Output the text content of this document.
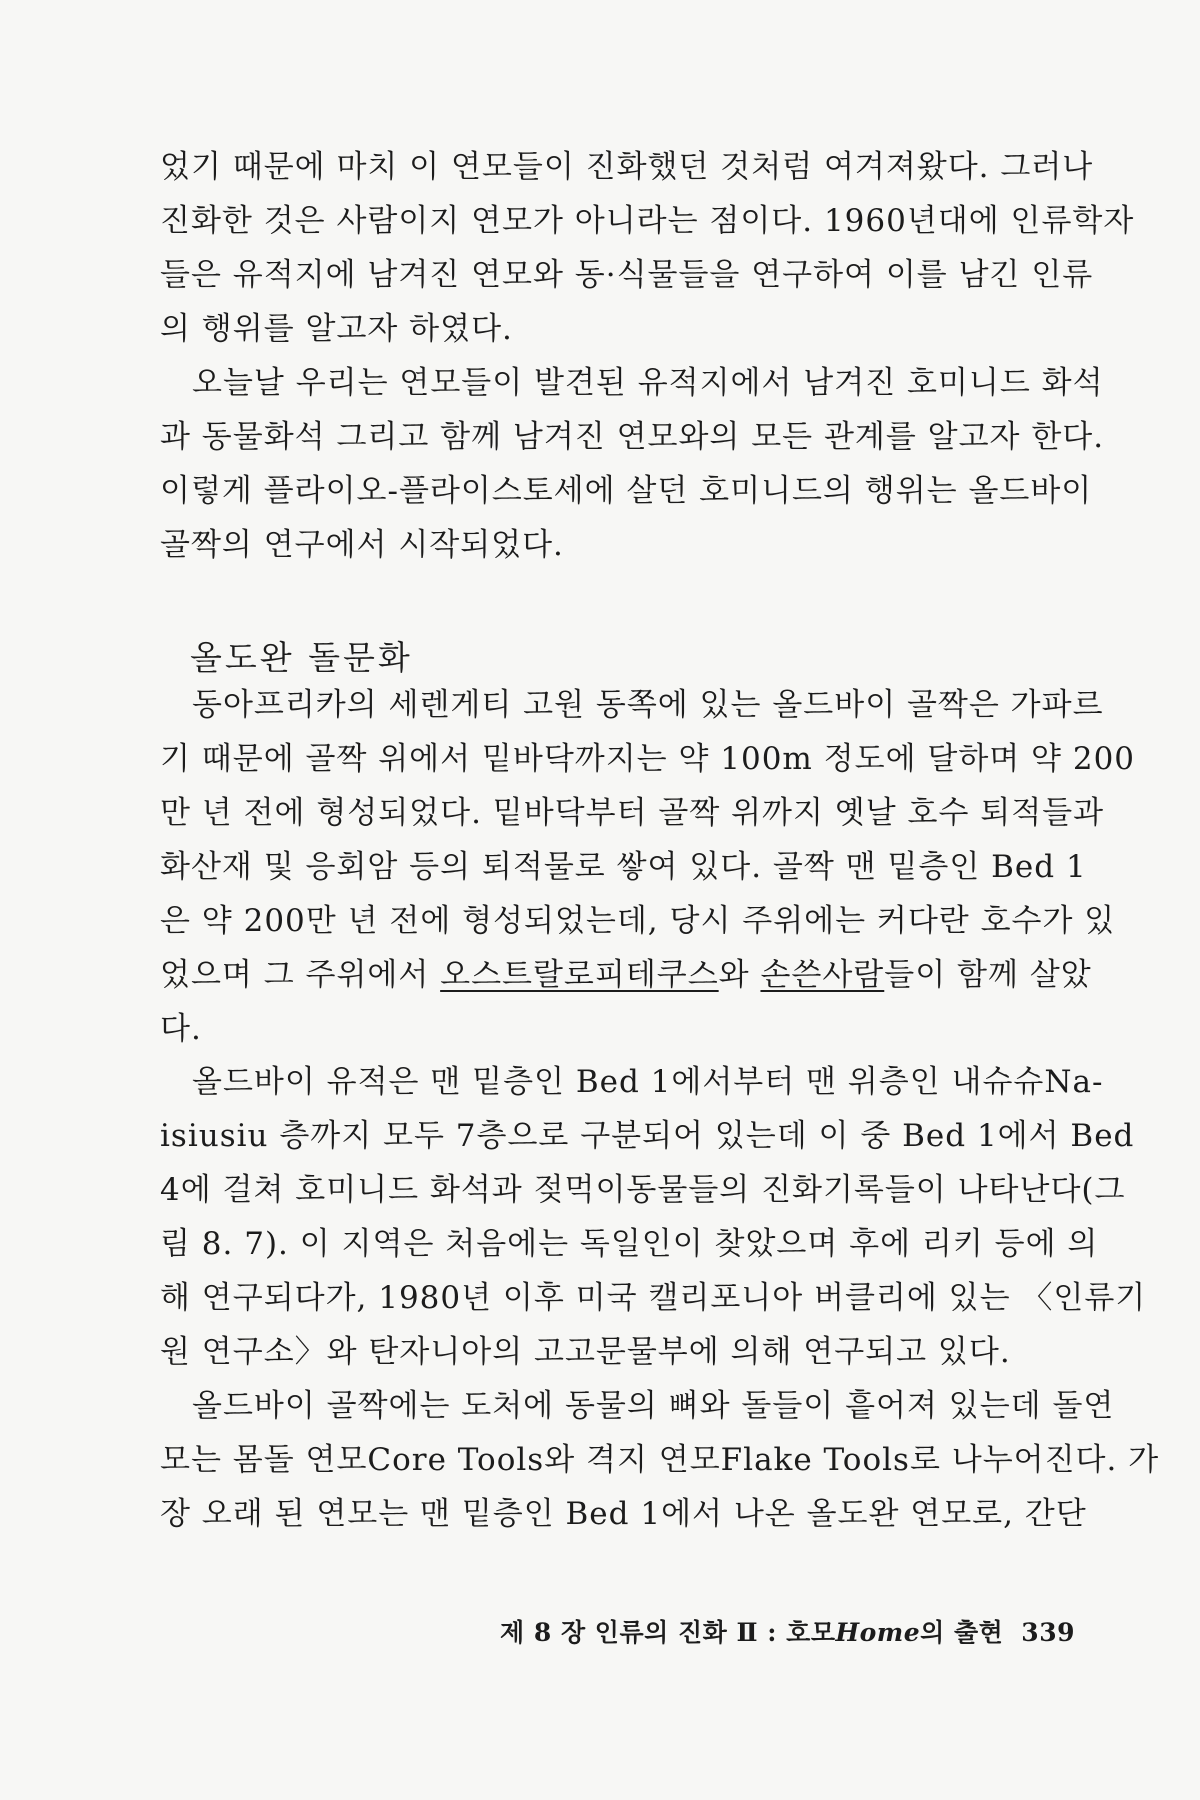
었기 때문에 마치 이 연모들이 진화했던 것처럼 여겨져왔다. 그러나
진화한 것은 사람이지 연모가 아니라는 점이다. 1960년대에 인류학자
들은 유적지에 남겨진 연모와 동·식물들을 연구하여 이를 남긴 인류
의 행위를 알고자 하였다.
오늘날 우리는 연모들이 발견된 유적지에서 남겨진 호미니드 화석
과 동물화석 그리고 함께 남겨진 연모와의 모든 관계를 알고자 한다.
이렇게 플라이오-플라이스토세에 살던 호미니드의 행위는 올드바이
골짝의 연구에서 시작되었다.
올도완 돌문화
동아프리카의 세렌게티 고원 동쪽에 있는 올드바이 골짝은 가파르
기 때문에 골짝 위에서 밑바닥까지는 약 100m 정도에 달하며 약 200
만 년 전에 형성되었다. 밑바닥부터 골짝 위까지 옛날 호수 퇴적들과
화산재 및 응회암 등의 퇴적물로 쌓여 있다. 골짝 맨 밑층인 Bed 1
은 약 200만 년 전에 형성되었는데, 당시 주위에는 커다란 호수가 있
었으며 그 주위에서 오스트랄로피테쿠스와 손쓴사람들이 함께 살았
다.
올드바이 유적은 맨 밑층인 Bed 1에서부터 맨 위층인 내슈슈Na-
isiusiu 층까지 모두 7층으로 구분되어 있는데 이 중 Bed 1에서 Bed
4에 걸쳐 호미니드 화석과 젖먹이동물들의 진화기록들이 나타난다(그
림 8. 7). 이 지역은 처음에는 독일인이 찾았으며 후에 리키 등에 의
해 연구되다가, 1980년 이후 미국 캘리포니아 버클리에 있는 〈인류기
원 연구소〉와 탄자니아의 고고문물부에 의해 연구되고 있다.
올드바이 골짝에는 도처에 동물의 뼈와 돌들이 흩어져 있는데 돌연
모는 몸돌 연모Core Tools와 격지 연모Flake Tools로 나누어진다. 가
장 오래 된 연모는 맨 밑층인 Bed 1에서 나온 올도완 연모로, 간단
제 8 장 인류의 진화 Ⅱ : 호모Home의 출현 339
